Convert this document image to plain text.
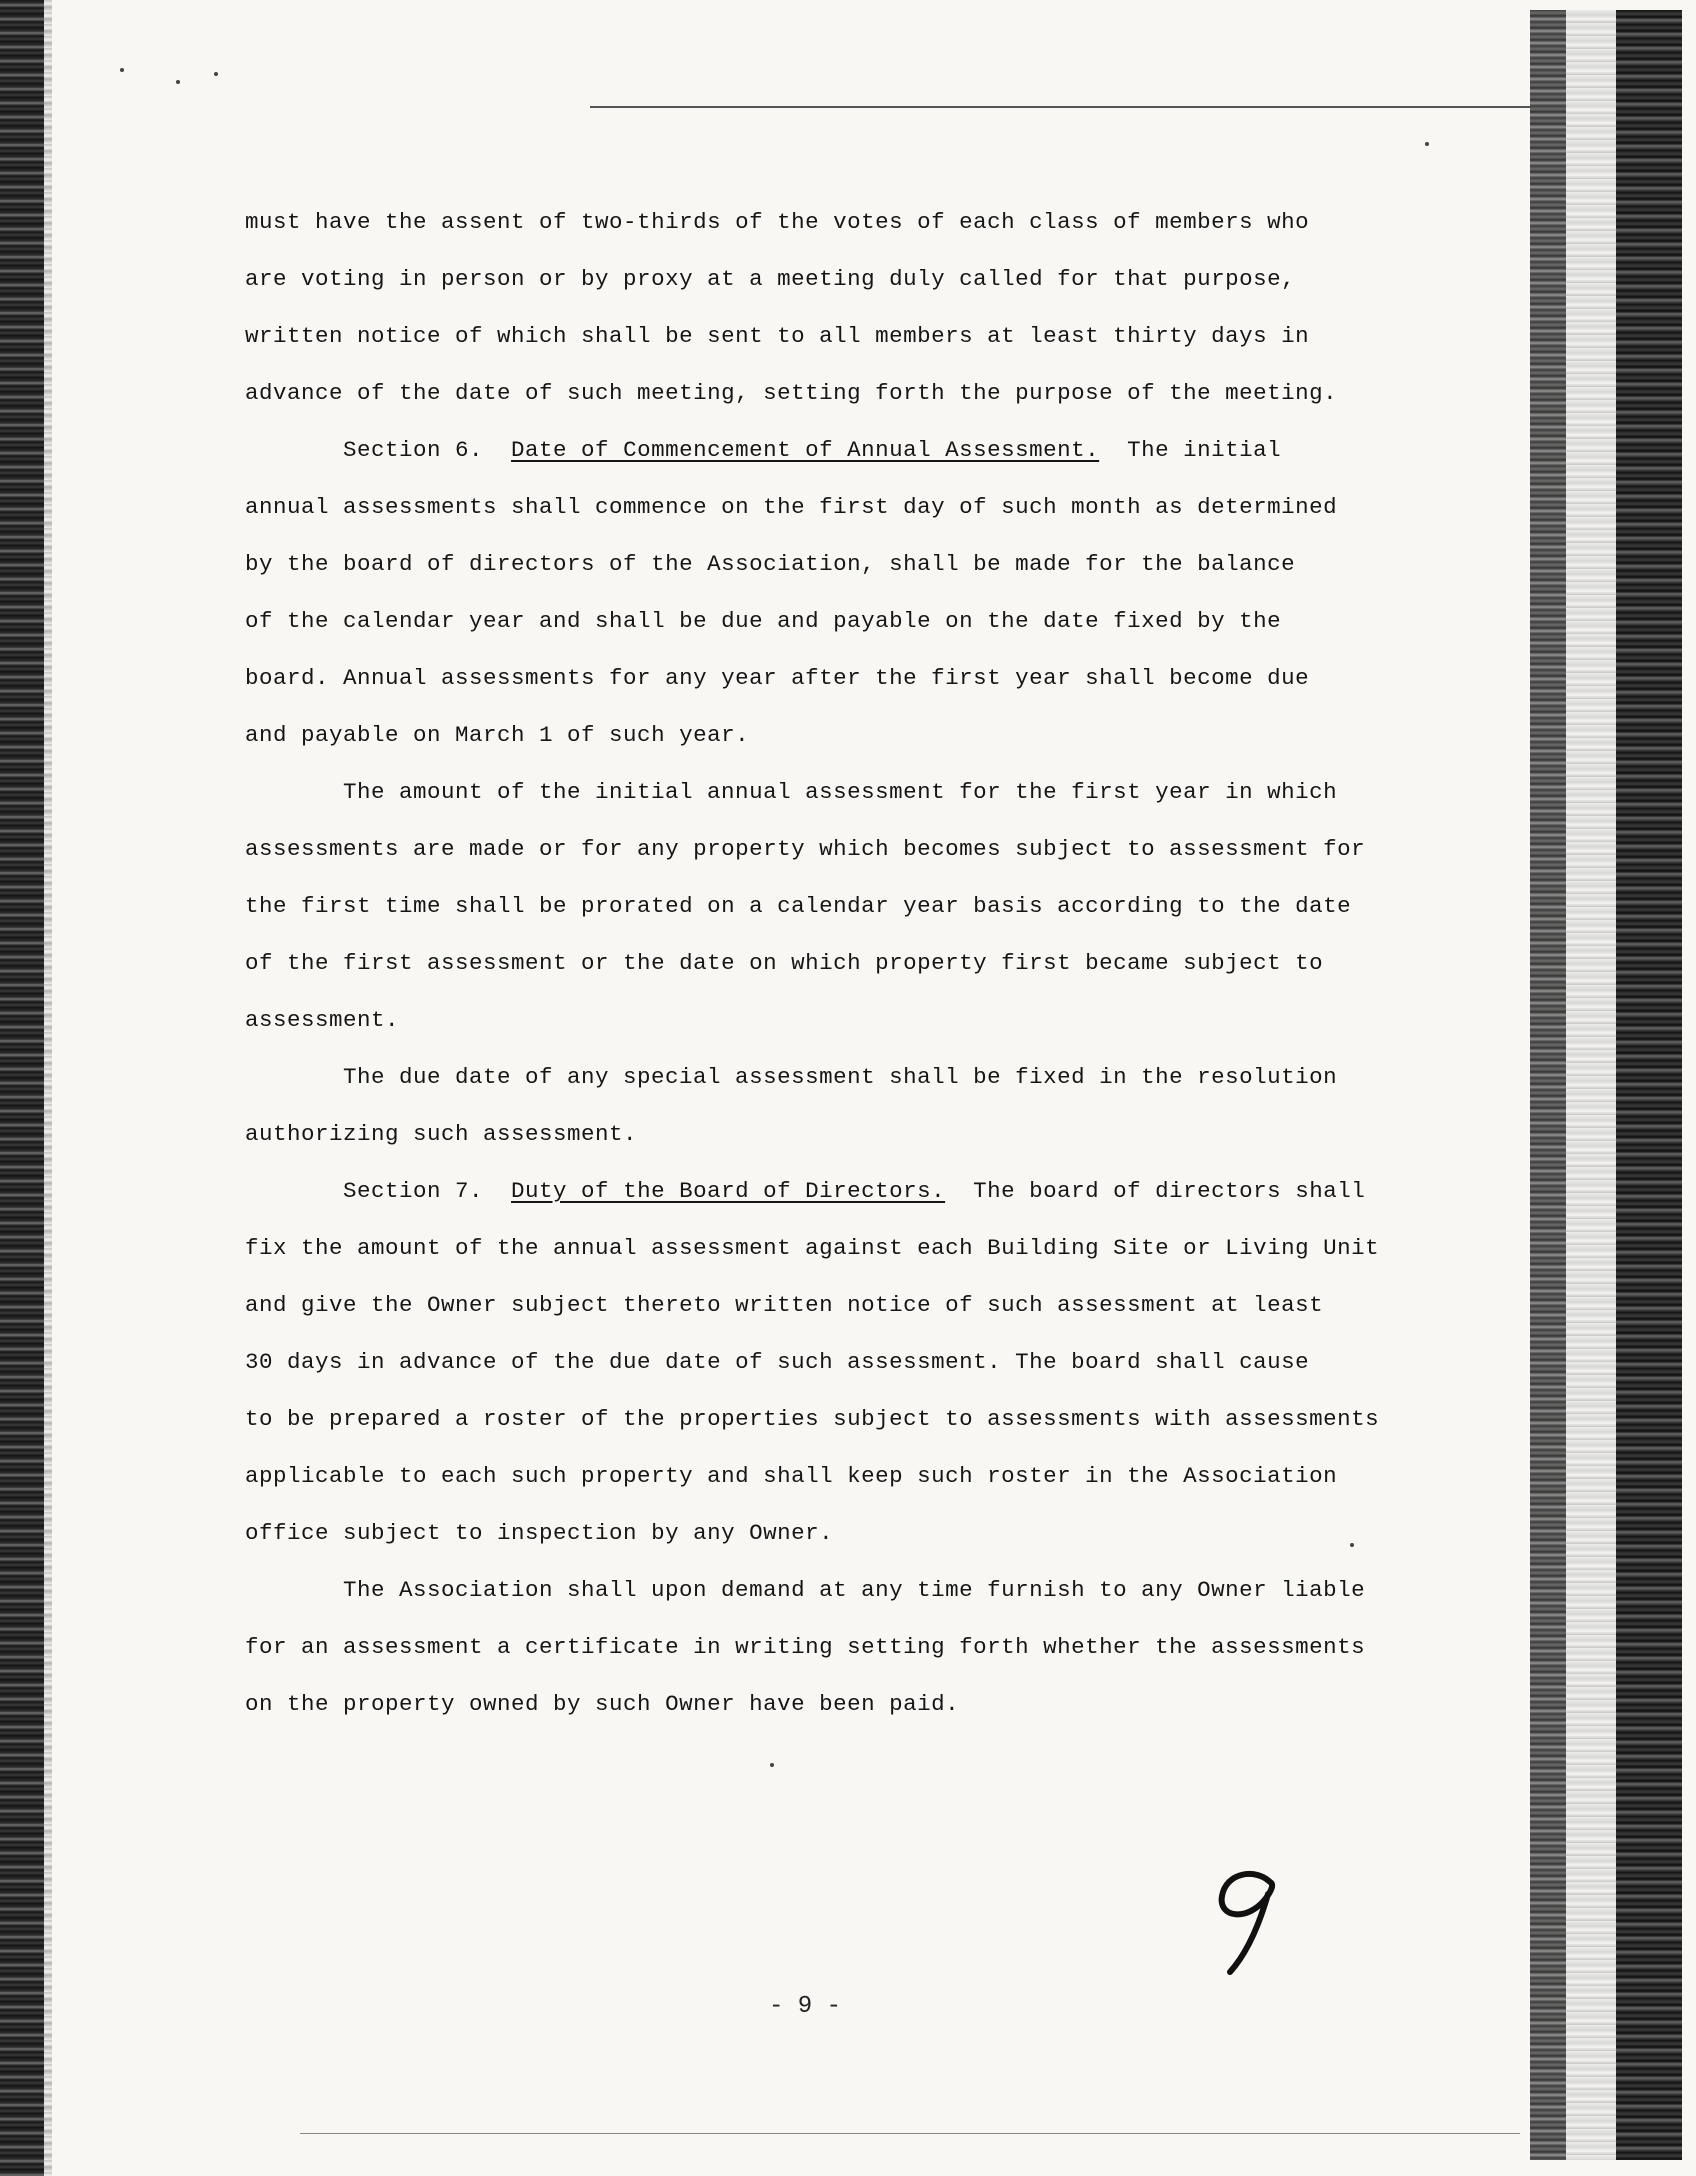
must have the assent of two-thirds of the votes of each class of members who
are voting in person or by proxy at a meeting duly called for that purpose,
written notice of which shall be sent to all members at least thirty days in
advance of the date of such meeting, setting forth the purpose of the meeting.
Section 6. Date of Commencement of Annual Assessment. The initial
annual assessments shall commence on the first day of such month as determined
by the board of directors of the Association, shall be made for the balance
of the calendar year and shall be due and payable on the date fixed by the
board. Annual assessments for any year after the first year shall become due
and payable on March 1 of such year.
The amount of the initial annual assessment for the first year in which
assessments are made or for any property which becomes subject to assessment for
the first time shall be prorated on a calendar year basis according to the date
of the first assessment or the date on which property first became subject to
assessment.
The due date of any special assessment shall be fixed in the resolution
authorizing such assessment.
Section 7. Duty of the Board of Directors. The board of directors shall
fix the amount of the annual assessment against each Building Site or Living Unit
and give the Owner subject thereto written notice of such assessment at least
30 days in advance of the due date of such assessment. The board shall cause
to be prepared a roster of the properties subject to assessments with assessments
applicable to each such property and shall keep such roster in the Association
office subject to inspection by any Owner.
The Association shall upon demand at any time furnish to any Owner liable
for an assessment a certificate in writing setting forth whether the assessments
on the property owned by such Owner have been paid.
- 9 -
